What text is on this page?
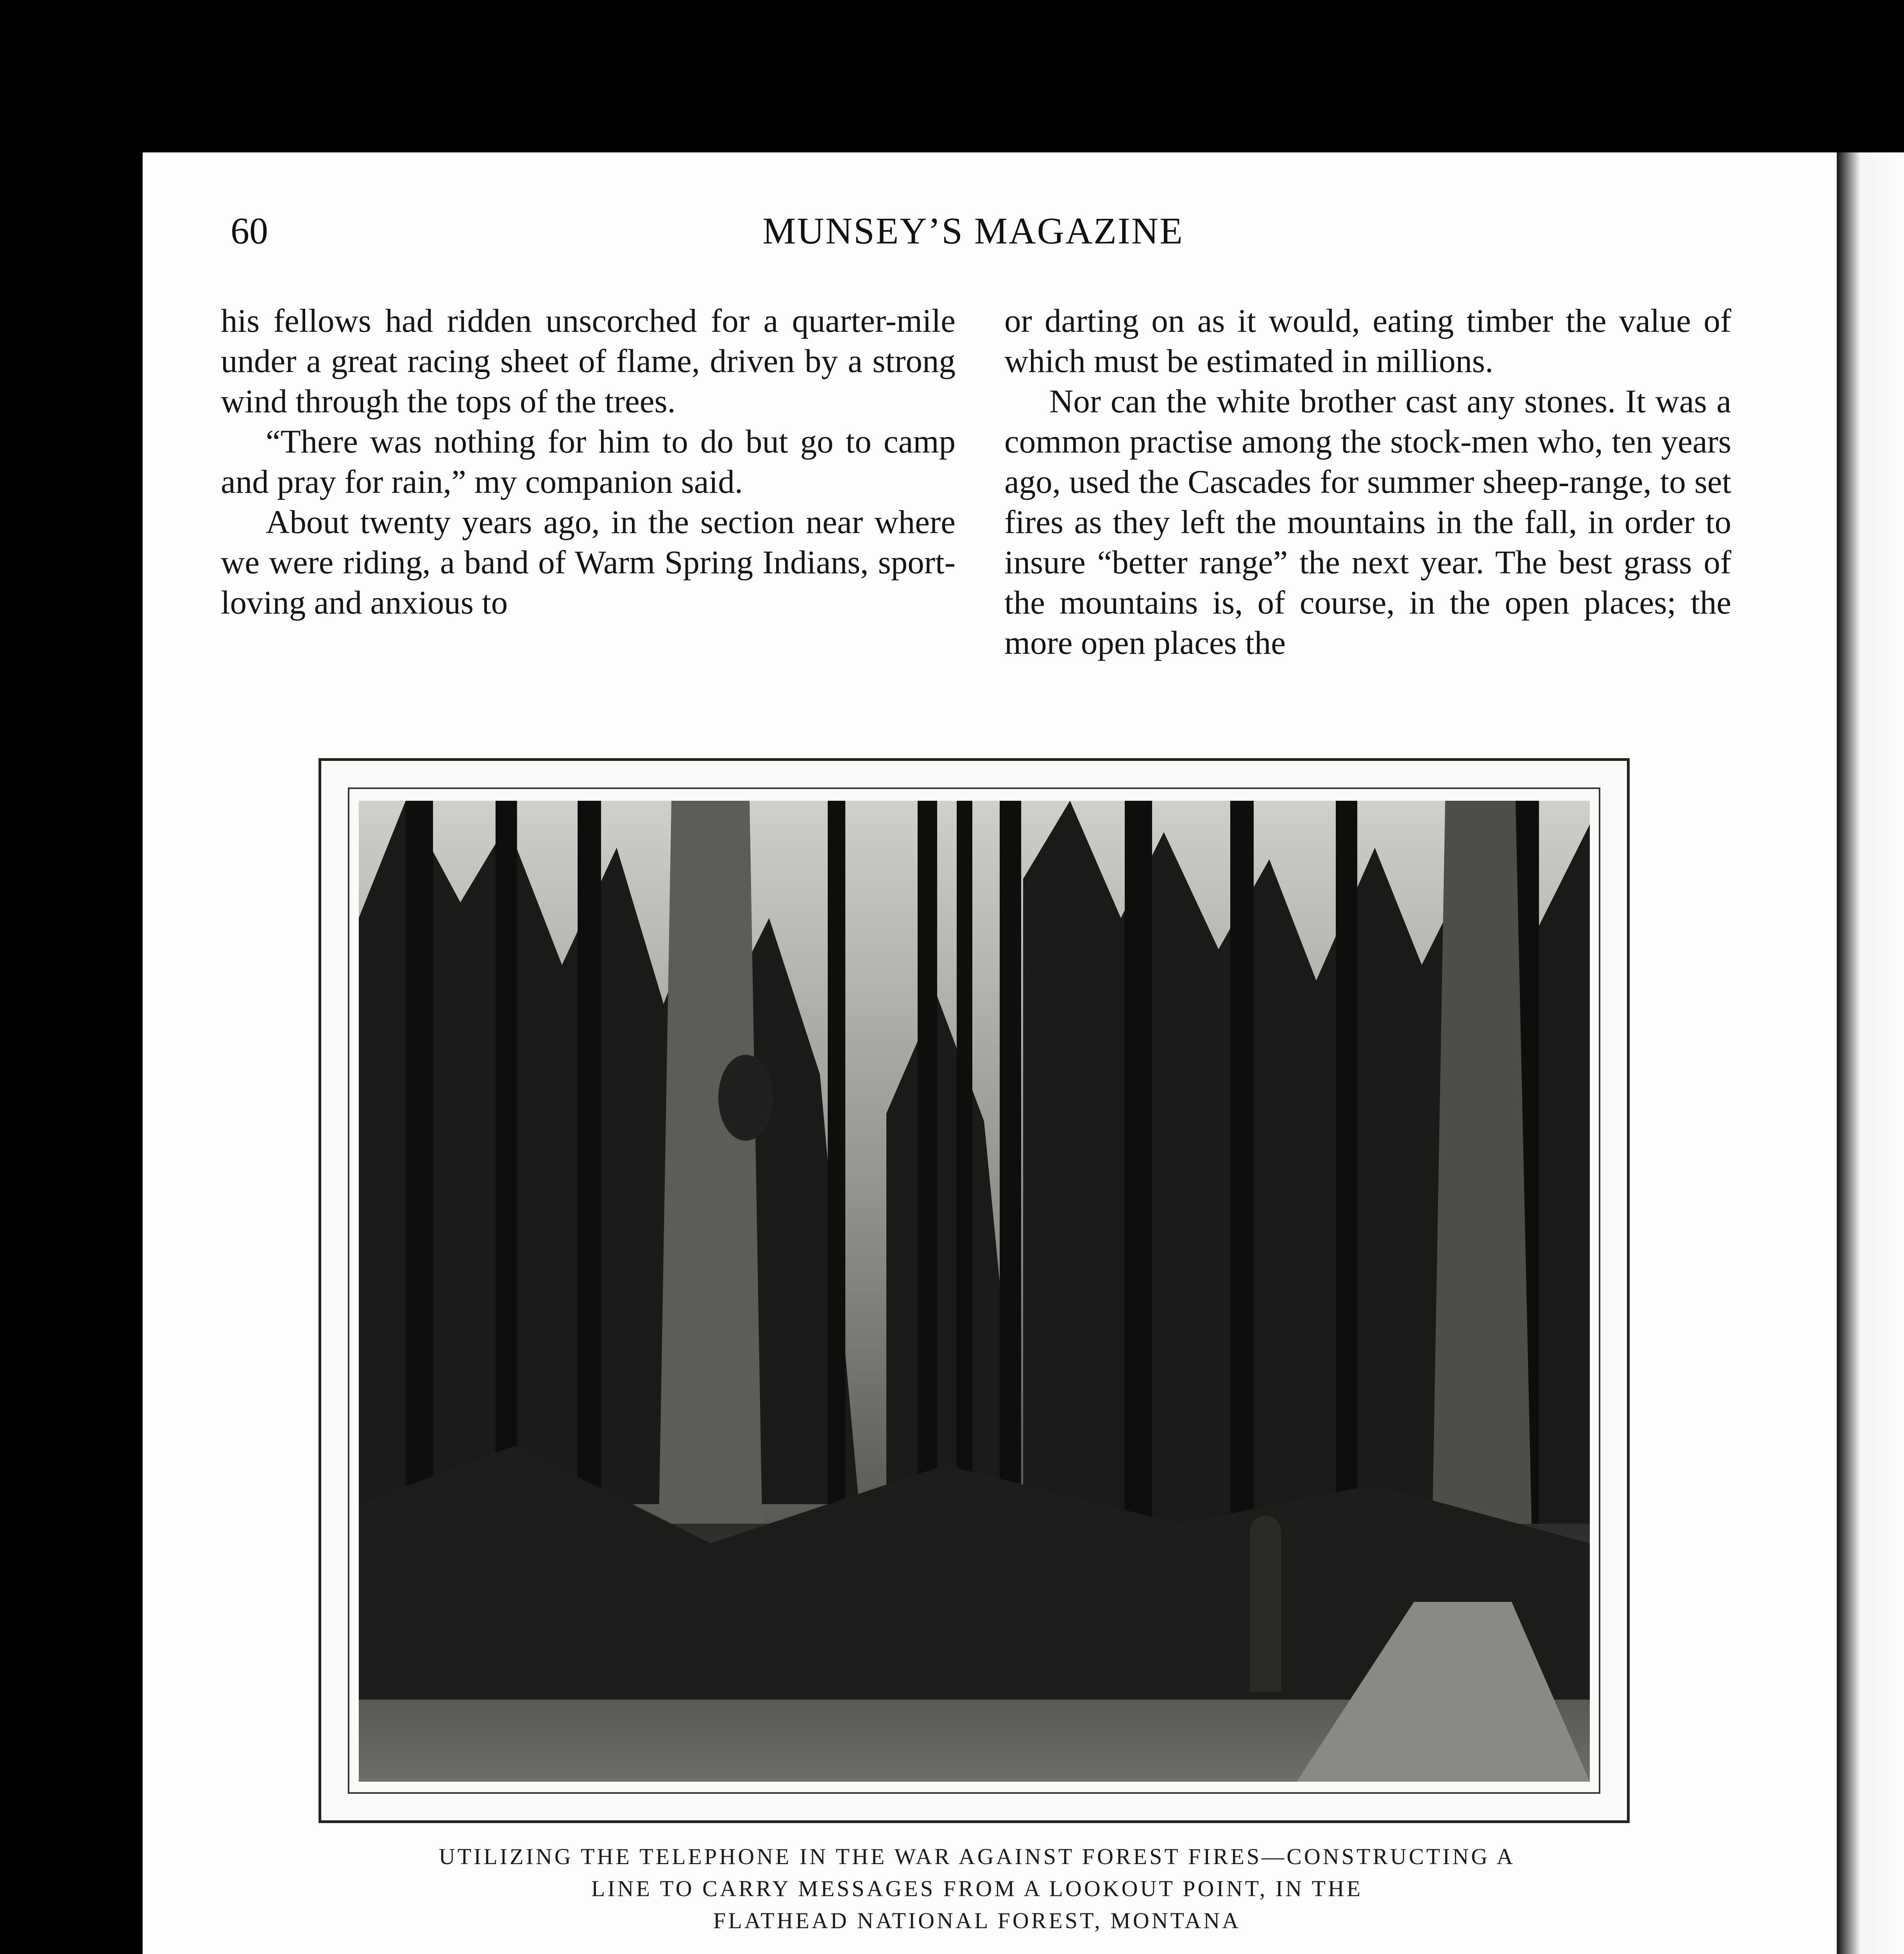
60	MUNSEY’S MAGAZINE

his fellows had ridden unscorched for a quarter-mile under a great racing sheet of flame, driven by a strong wind through the tops of the trees.

“There was nothing for him to do but go to camp and pray for rain,” my companion said.

About twenty years ago, in the section near where we were riding, a band of Warm Spring Indians, sport-loving and anxious to

or darting on as it would, eating timber the value of which must be estimated in millions.

Nor can the white brother cast any stones. It was a common practise among the stock-men who, ten years ago, used the Cascades for summer sheep-range, to set fires as they left the mountains in the fall, in order to insure “better range” the next year. The best grass of the mountains is, of course, in the open places; the more open places the

UTILIZING THE TELEPHONE IN THE WAR AGAINST FOREST FIRES—CONSTRUCTING A
LINE TO CARRY MESSAGES FROM A LOOKOUT POINT, IN THE
FLATHEAD NATIONAL FOREST, MONTANA
